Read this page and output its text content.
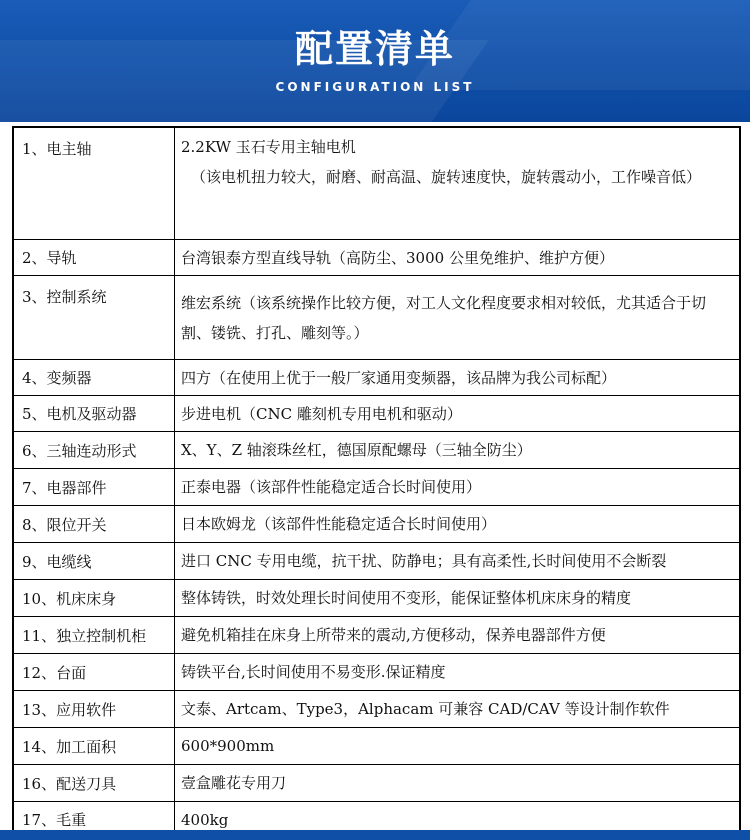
配置清单
CONFIGURATION LIST
1、电主轴	2.2KW 玉石专用主轴电机
（该电机扭力较大，耐磨、耐高温、旋转速度快，旋转震动小，工作噪音低）

2、导轨	台湾银泰方型直线导轨（高防尘、3000 公里免维护、维护方便）

3、控制系统	维宏系统（该系统操作比较方便，对工人文化程度要求相对较低，尤其适合于切割、镂铣、打孔、雕刻等。）

4、变频器	四方（在使用上优于一般厂家通用变频器，该品牌为我公司标配）

5、电机及驱动器	步进电机（CNC 雕刻机专用电机和驱动）

6、三轴连动形式	X、Y、Z 轴滚珠丝杠，德国原配螺母（三轴全防尘）

7、电器部件	正泰电器（该部件性能稳定适合长时间使用）

8、限位开关	日本欧姆龙（该部件性能稳定适合长时间使用）

9、电缆线	进口 CNC 专用电缆，抗干扰、防静电；具有高柔性,长时间使用不会断裂

10、机床床身	整体铸铁，时效处理长时间使用不变形，能保证整体机床床身的精度

11、独立控制机柜	避免机箱挂在床身上所带来的震动,方便移动，保养电器部件方便

12、台面	铸铁平台,长时间使用不易变形.保证精度

13、应用软件	文泰、Artcam、Type3，Alphacam 可兼容 CAD/CAV 等设计制作软件

14、加工面积	600*900mm

16、配送刀具	壹盒雕花专用刀

17、毛重	400kg
